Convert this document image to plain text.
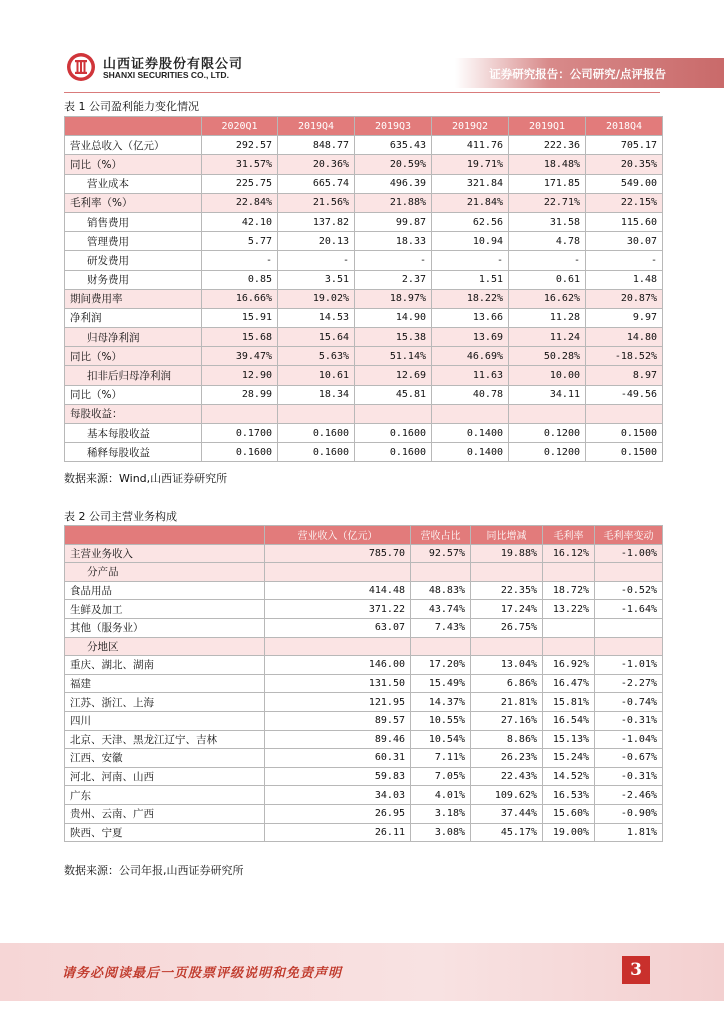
山西证券股份有限公司
SHANXI SECURITIES CO., LTD.	证券研究报告：公司研究/点评报告
表 1 公司盈利能力变化情况
	2020Q1	2019Q4	2019Q3	2019Q2	2019Q1	2018Q4
营业总收入（亿元）	292.57	848.77	635.43	411.76	222.36	705.17
同比（%）	31.57%	20.36%	20.59%	19.71%	18.48%	20.35%
营业成本	225.75	665.74	496.39	321.84	171.85	549.00
毛利率（%）	22.84%	21.56%	21.88%	21.84%	22.71%	22.15%
销售费用	42.10	137.82	99.87	62.56	31.58	115.60
管理费用	5.77	20.13	18.33	10.94	4.78	30.07
研发费用	-	-	-	-	-	-
财务费用	0.85	3.51	2.37	1.51	0.61	1.48
期间费用率	16.66%	19.02%	18.97%	18.22%	16.62%	20.87%
净利润	15.91	14.53	14.90	13.66	11.28	9.97
归母净利润	15.68	15.64	15.38	13.69	11.24	14.80
同比（%）	39.47%	5.63%	51.14%	46.69%	50.28%	-18.52%
扣非后归母净利润	12.90	10.61	12.69	11.63	10.00	8.97
同比（%）	28.99	18.34	45.81	40.78	34.11	-49.56
每股收益：						
基本每股收益	0.1700	0.1600	0.1600	0.1400	0.1200	0.1500
稀释每股收益	0.1600	0.1600	0.1600	0.1400	0.1200	0.1500
数据来源：Wind,山西证券研究所
表 2 公司主营业务构成
	营业收入（亿元）	营收占比	同比增减	毛利率	毛利率变动
主营业务收入	785.70	92.57%	19.88%	16.12%	-1.00%
分产品					
食品用品	414.48	48.83%	22.35%	18.72%	-0.52%
生鲜及加工	371.22	43.74%	17.24%	13.22%	-1.64%
其他（服务业）	63.07	7.43%	26.75%		
分地区					
重庆、湖北、湖南	146.00	17.20%	13.04%	16.92%	-1.01%
福建	131.50	15.49%	6.86%	16.47%	-2.27%
江苏、浙江、上海	121.95	14.37%	21.81%	15.81%	-0.74%
四川	89.57	10.55%	27.16%	16.54%	-0.31%
北京、天津、黑龙江辽宁、吉林	89.46	10.54%	8.86%	15.13%	-1.04%
江西、安徽	60.31	7.11%	26.23%	15.24%	-0.67%
河北、河南、山西	59.83	7.05%	22.43%	14.52%	-0.31%
广东	34.03	4.01%	109.62%	16.53%	-2.46%
贵州、云南、广西	26.95	3.18%	37.44%	15.60%	-0.90%
陕西、宁夏	26.11	3.08%	45.17%	19.00%	1.81%
数据来源：公司年报,山西证券研究所
请务必阅读最后一页股票评级说明和免责声明	3
